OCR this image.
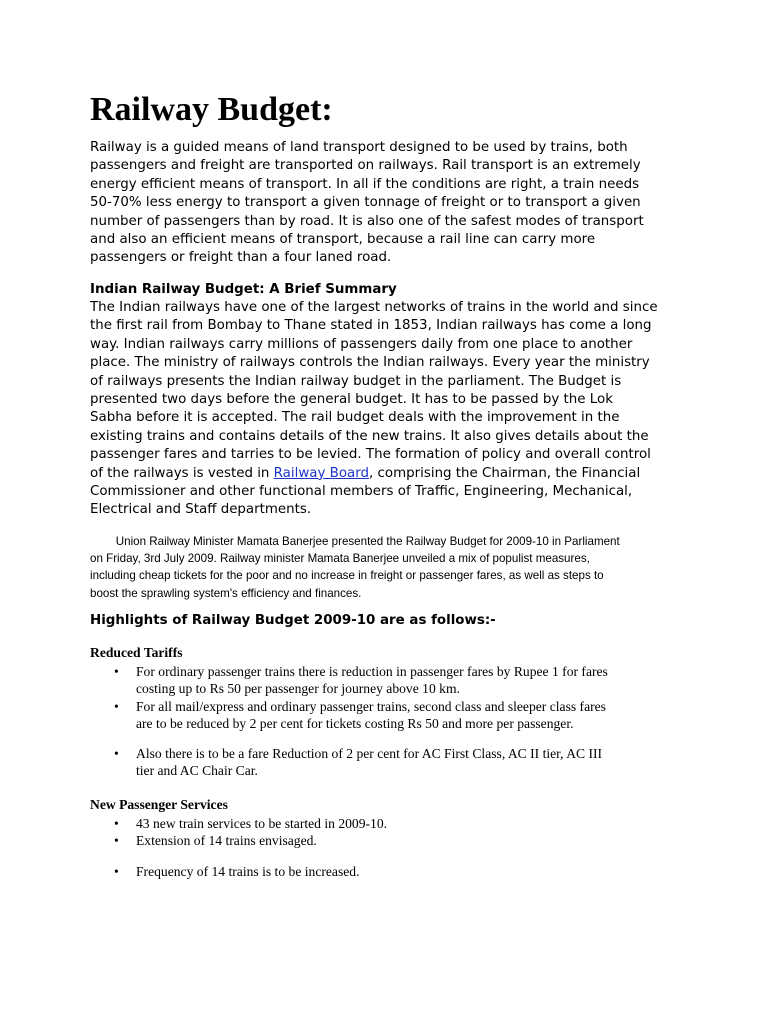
Railway Budget:
Railway is a guided means of land transport designed to be used by trains, both
passengers and freight are transported on railways. Rail transport is an extremely
energy efficient means of transport. In all if the conditions are right, a train needs
50-70% less energy to transport a given tonnage of freight or to transport a given
number of passengers than by road. It is also one of the safest modes of transport
and also an efficient means of transport, because a rail line can carry more
passengers or freight than a four laned road.
Indian Railway Budget: A Brief Summary
The Indian railways have one of the largest networks of trains in the world and since
the first rail from Bombay to Thane stated in 1853, Indian railways has come a long
way. Indian railways carry millions of passengers daily from one place to another
place. The ministry of railways controls the Indian railways. Every year the ministry
of railways presents the Indian railway budget in the parliament. The Budget is
presented two days before the general budget. It has to be passed by the Lok
Sabha before it is accepted. The rail budget deals with the improvement in the
existing trains and contains details of the new trains. It also gives details about the
passenger fares and tarries to be levied. The formation of policy and overall control
of the railways is vested in Railway Board, comprising the Chairman, the Financial
Commissioner and other functional members of Traffic, Engineering, Mechanical,
Electrical and Staff departments.
Union Railway Minister Mamata Banerjee presented the Railway Budget for 2009-10 in Parliament
on Friday, 3rd July 2009. Railway minister Mamata Banerjee unveiled a mix of populist measures,
including cheap tickets for the poor and no increase in freight or passenger fares, as well as steps to
boost the sprawling system's efficiency and finances.
Highlights of Railway Budget 2009-10 are as follows:-
Reduced Tariffs
• For ordinary passenger trains there is reduction in passenger fares by Rupee 1 for fares
costing up to Rs 50 per passenger for journey above 10 km.
• For all mail/express and ordinary passenger trains, second class and sleeper class fares
are to be reduced by 2 per cent for tickets costing Rs 50 and more per passenger.
• Also there is to be a fare Reduction of 2 per cent for AC First Class, AC II tier, AC III
tier and AC Chair Car.
New Passenger Services
• 43 new train services to be started in 2009-10.
• Extension of 14 trains envisaged.
• Frequency of 14 trains is to be increased.
